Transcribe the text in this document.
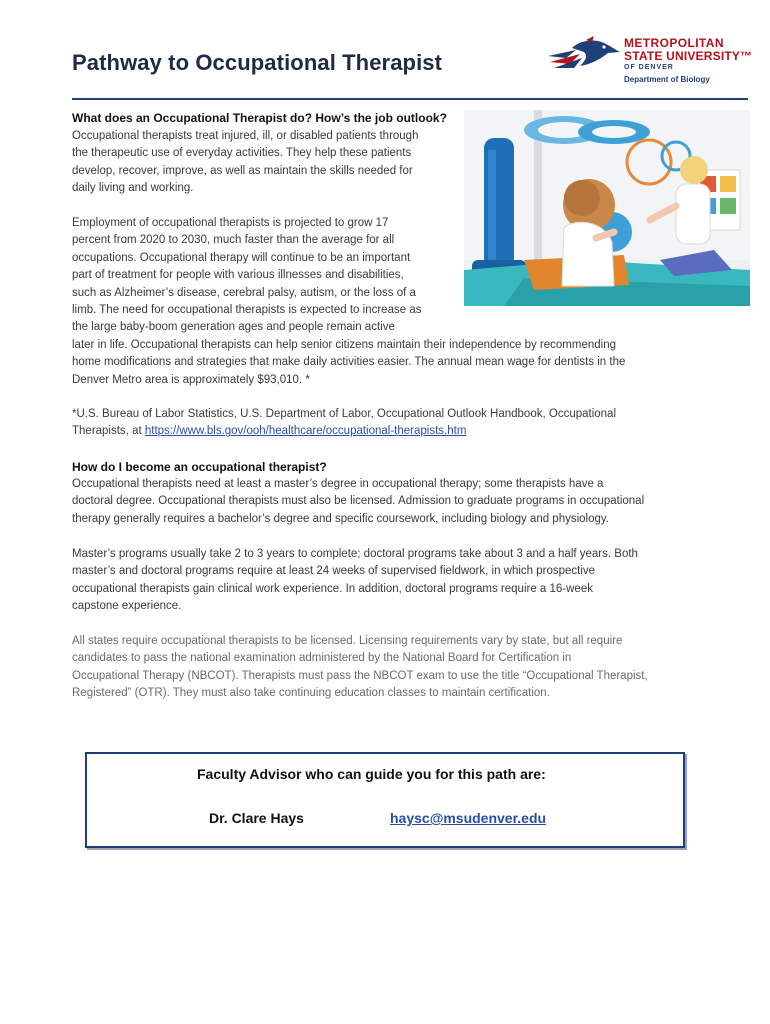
Pathway to Occupational Therapist
METROPOLITAN
STATE UNIVERSITY™
OF DENVER
Department of Biology
What does an Occupational Therapist do? How’s the job outlook?
Occupational therapists treat injured, ill, or disabled patients through
the therapeutic use of everyday activities. They help these patients
develop, recover, improve, as well as maintain the skills needed for
daily living and working.
Employment of occupational therapists is projected to grow 17
percent from 2020 to 2030, much faster than the average for all
occupations. Occupational therapy will continue to be an important
part of treatment for people with various illnesses and disabilities,
such as Alzheimer’s disease, cerebral palsy, autism, or the loss of a
limb. The need for occupational therapists is expected to increase as
the large baby-boom generation ages and people remain active
later in life. Occupational therapists can help senior citizens maintain their independence by recommending
home modifications and strategies that make daily activities easier. The annual mean wage for dentists in the
Denver Metro area is approximately $93,010. *
*U.S. Bureau of Labor Statistics, U.S. Department of Labor, Occupational Outlook Handbook, Occupational
Therapists, at https://www.bls.gov/ooh/healthcare/occupational-therapists.htm
How do I become an occupational therapist?
Occupational therapists need at least a master’s degree in occupational therapy; some therapists have a
doctoral degree. Occupational therapists must also be licensed. Admission to graduate programs in occupational
therapy generally requires a bachelor’s degree and specific coursework, including biology and physiology.
Master’s programs usually take 2 to 3 years to complete; doctoral programs take about 3 and a half years. Both
master’s and doctoral programs require at least 24 weeks of supervised fieldwork, in which prospective
occupational therapists gain clinical work experience. In addition, doctoral programs require a 16-week
capstone experience.
All states require occupational therapists to be licensed. Licensing requirements vary by state, but all require
candidates to pass the national examination administered by the National Board for Certification in
Occupational Therapy (NBCOT). Therapists must pass the NBCOT exam to use the title “Occupational Therapist,
Registered” (OTR). They must also take continuing education classes to maintain certification.
Faculty Advisor who can guide you for this path are:
Dr. Clare Hays	haysc@msudenver.edu
